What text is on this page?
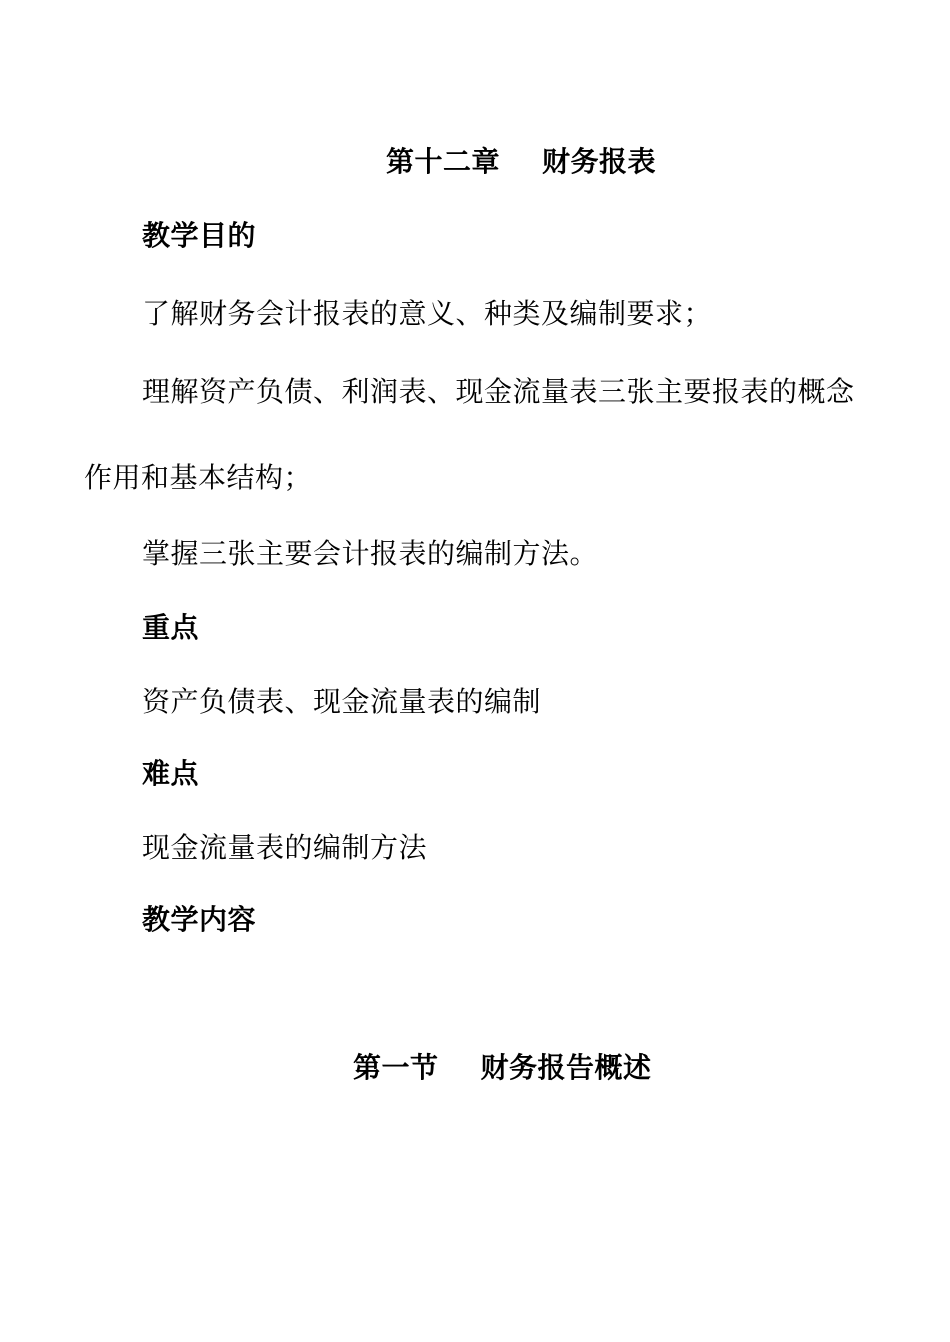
第十二章 财务报表
教学目的
了解财务会计报表的意义、种类及编制要求；
理解资产负债、利润表、现金流量表三张主要报表的概念
作用和基本结构；
掌握三张主要会计报表的编制方法。
重点
资产负债表、现金流量表的编制
难点
现金流量表的编制方法
教学内容
第一节 财务报告概述
